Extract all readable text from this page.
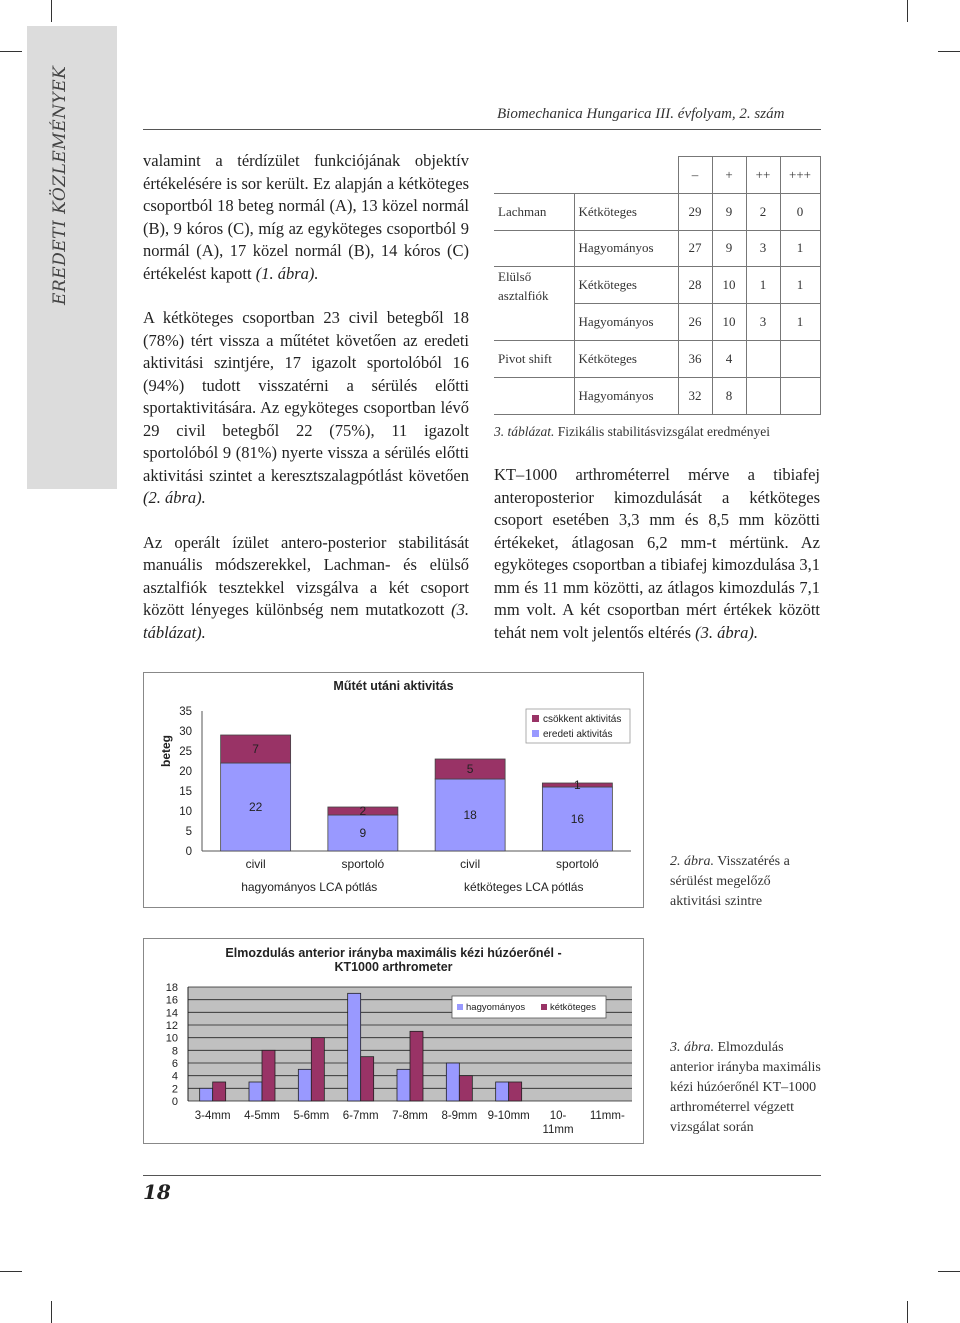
EREDETI KÖZLEMÉNYEK	Biomechanica Hungarica III. évfolyam, 2. szám

valamint a térdízület funkciójának objektív értékelésére is sor került. Ez alapján a kétköteges csoportból 18 beteg normál (A), 13 közel normál (B), 9 kóros (C), míg az egyköteges csoportból 9 normál (A), 17 közel normál (B), 14 kóros (C) értékelést kapott (1. ábra).

A kétköteges csoportban 23 civil betegből 18 (78%) tért vissza a műtétet követően az eredeti aktivitási szintjére, 17 igazolt sportolóból 16 (94%) tudott visszatérni a sérülés előtti sportaktivitására. Az egyköteges csoportban lévő 29 civil betegből 22 (75%), 11 igazolt sportolóból 9 (81%) nyerte vissza a sérülés előtti aktivitási szintet a keresztszalagpótlást követően (2. ábra).

Az operált ízület antero-posterior stabilitását manuális módszerekkel, Lachman- és elülső asztalfiók tesztekkel vizsgálva a két csoport között lényeges különbség nem mutatkozott (3. táblázat).

		–	+	++	+++
Lachman	Kétköteges	29	9	2	0
	Hagyományos	27	9	3	1

Elülső asztalfiók	Kétköteges	28	10	1	1
	Hagyományos	26	10	3	1
Pivot shift	Kétköteges	36	4		
	Hagyományos	32	8		
3. táblázat. Fizikális stabilitásvizsgálat eredményei

KT–1000 arthrométerrel mérve a tibiafej anteroposterior kimozdulását a kétköteges csoport esetében 3,3 mm és 8,5 mm közötti értékeket, átlagosan 6,2 mm-t mértünk. Az egyköteges csoportban a tibiafej kimozdulása 3,1 mm és 11 mm közötti, az átlagos kimozdulás 7,1 mm volt. A két csoportban mért értékek között tehát nem volt jelentős eltérés (3. ábra).

Műtét utáni aktivitás
0
5
10
15
20
25
30
35
beteg
22
7
civil
9
2
sportoló
18
5
civil
16
1
sportoló
hagyományos LCA pótlás	kétköteges LCA pótlás
csökkent aktivitás
eredeti aktivitás
2. ábra. Visszatérés a sérülést megelőző aktivitási szintre
Elmozdulás anterior irányba maximális kézi húzóerőnél - KT1000 arthrometer
0
2
4
6
8
10
12
14
16
18
3-4mm 4-5mm 5-6mm 6-7mm 7-8mm 8-9mm 9-10mm	10-11mm
11mm-
hagyományos	kétköteges
3. ábra. Elmozdulás anterior irányba maximális kézi húzóerőnél KT–1000 arthrométerrel végzett vizsgálat során
18
